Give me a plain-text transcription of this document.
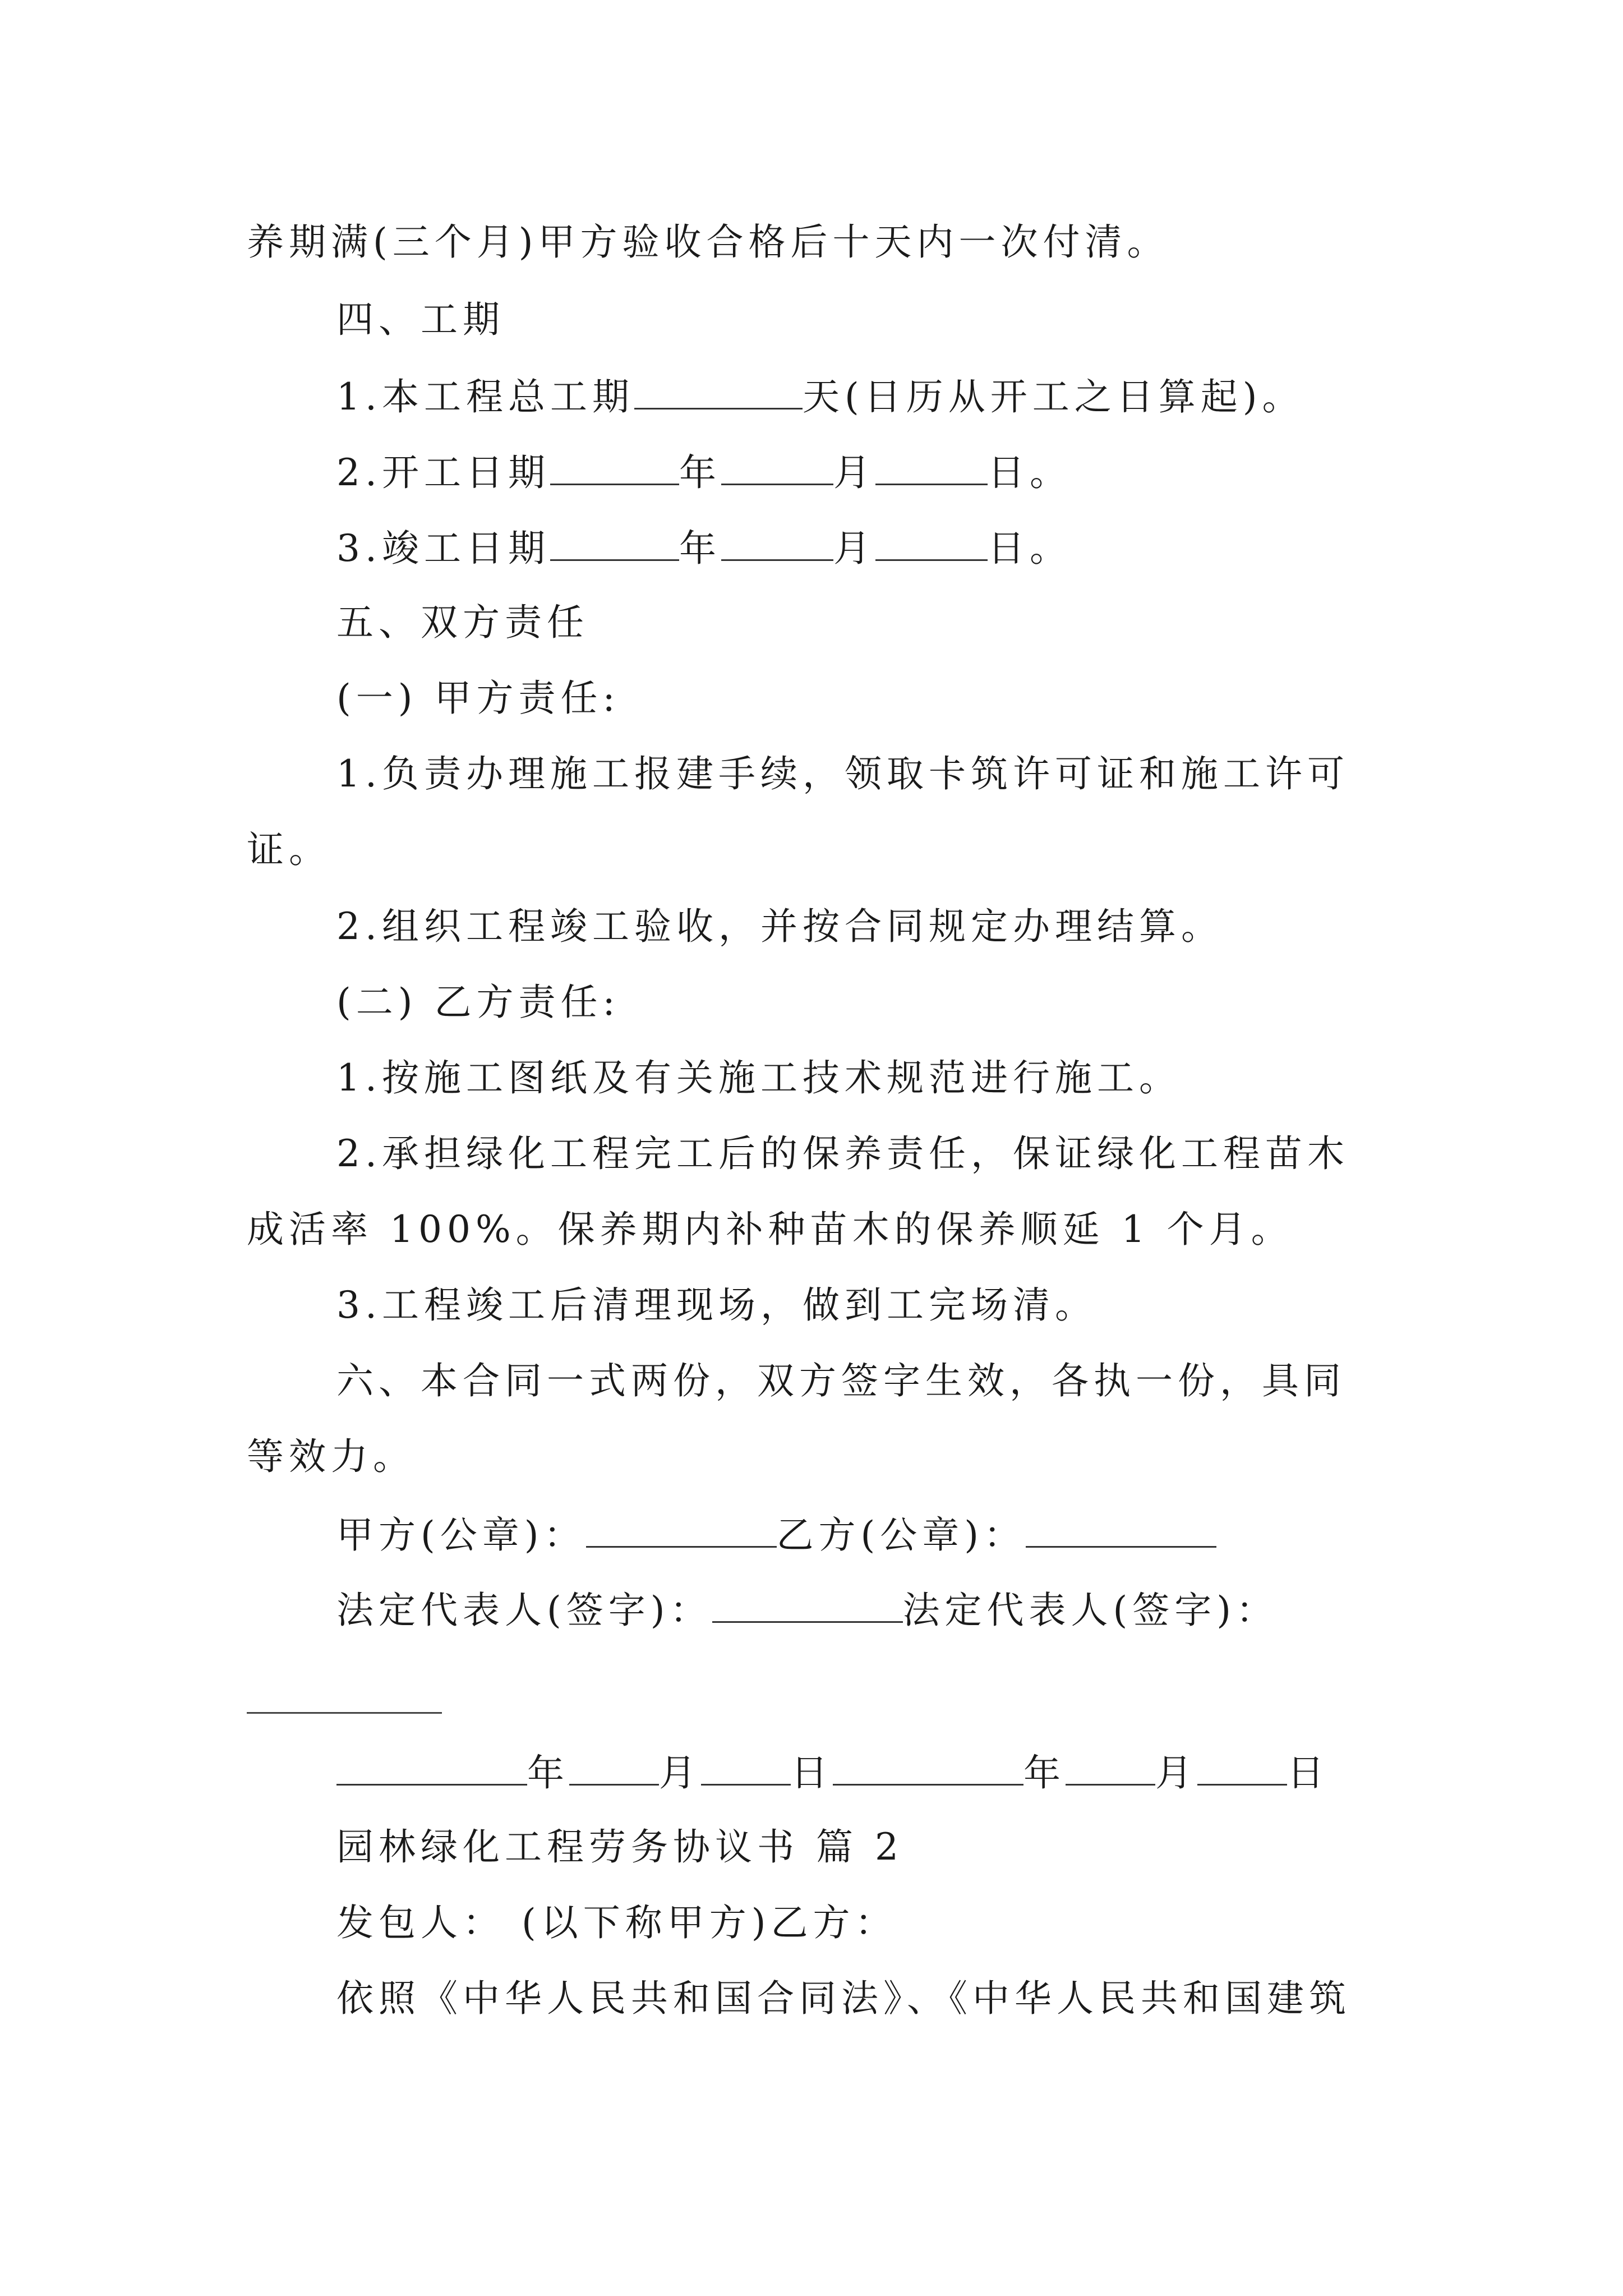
养期满(三个月)甲方验收合格后十天内一次付清。
四、工期
1.本工程总工期	天(日历从开工之日算起)。
2.开工日期	年	月	日。
3.竣工日期	年	月	日。
五、双方责任
(一) 甲方责任:
1.负责办理施工报建手续，领取卡筑许可证和施工许可
证。
2.组织工程竣工验收，并按合同规定办理结算。
(二) 乙方责任:
1.按施工图纸及有关施工技术规范进行施工。
2.承担绿化工程完工后的保养责任，保证绿化工程苗木
成活率 100%。保养期内补种苗木的保养顺延 1 个月。
3.工程竣工后清理现场，做到工完场清。
六、本合同一式两份，双方签字生效，各执一份，具同
等效力。
甲方(公章)：	乙方(公章)：
法定代表人(签字)：	法定代表人(签字)：
年 月 日	年 月 日
园林绿化工程劳务协议书 篇 2
发包人： (以下称甲方)乙方：
依照《中华人民共和国合同法》、《中华人民共和国建筑
